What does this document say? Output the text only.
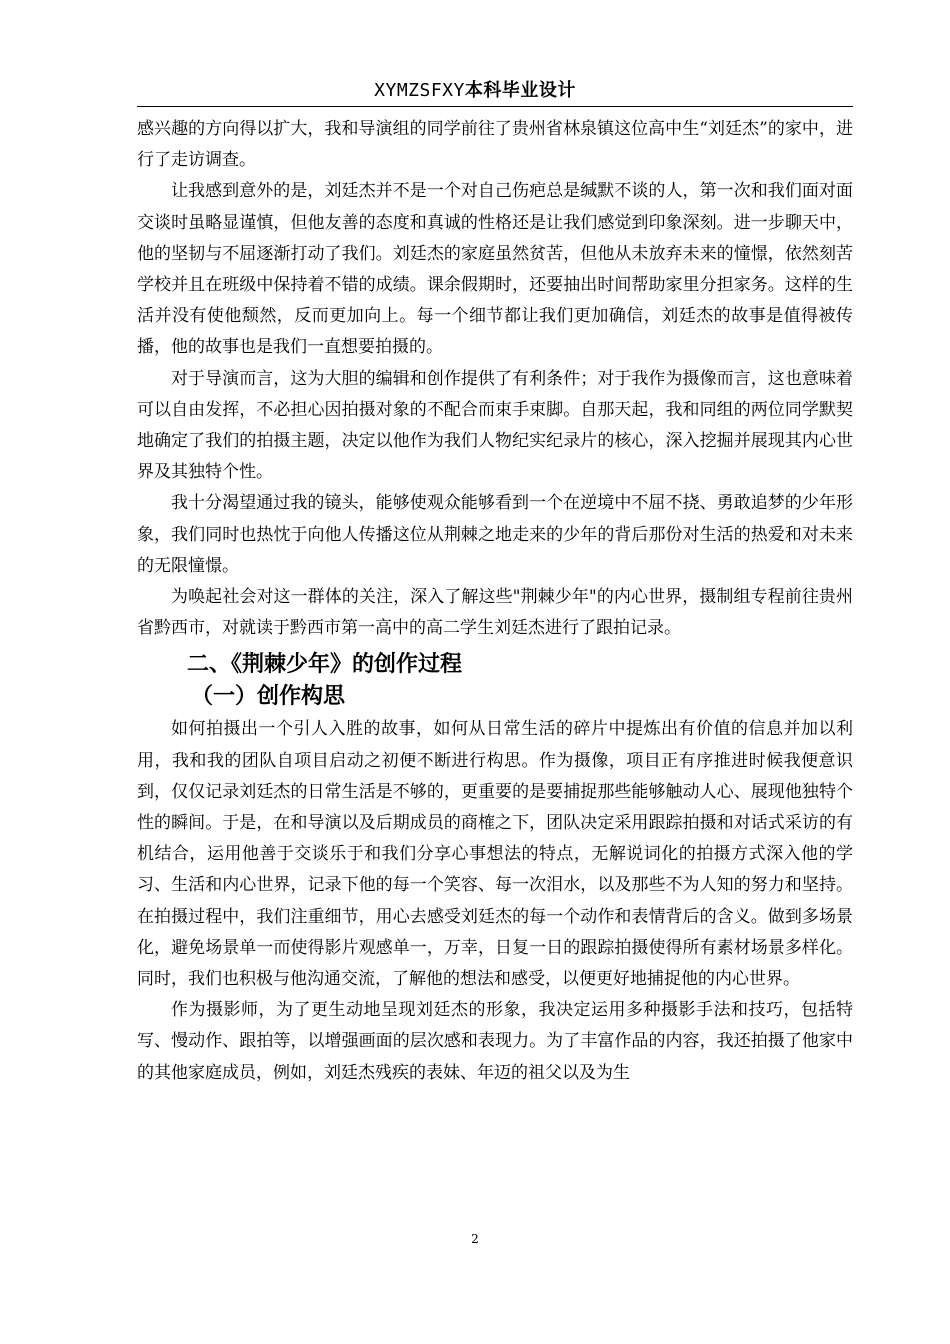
XYMZSFXY本科毕业设计

感兴趣的方向得以扩大，我和导演组的同学前往了贵州省林泉镇这位高中生“刘廷杰”的家中，进行了走访调查。

让我感到意外的是，刘廷杰并不是一个对自己伤疤总是缄默不谈的人，第一次和我们面对面交谈时虽略显谨慎，但他友善的态度和真诚的性格还是让我们感觉到印象深刻。进一步聊天中，他的坚韧与不屈逐渐打动了我们。刘廷杰的家庭虽然贫苦，但他从未放弃未来的憧憬，依然刻苦学校并且在班级中保持着不错的成绩。课余假期时，还要抽出时间帮助家里分担家务。这样的生活并没有使他颓然，反而更加向上。每一个细节都让我们更加确信，刘廷杰的故事是值得被传播，他的故事也是我们一直想要拍摄的。

对于导演而言，这为大胆的编辑和创作提供了有利条件；对于我作为摄像而言，这也意味着可以自由发挥，不必担心因拍摄对象的不配合而束手束脚。自那天起，我和同组的两位同学默契地确定了我们的拍摄主题，决定以他作为我们人物纪实纪录片的核心，深入挖掘并展现其内心世界及其独特个性。

我十分渴望通过我的镜头，能够使观众能够看到一个在逆境中不屈不挠、勇敢追梦的少年形象，我们同时也热忱于向他人传播这位从荆棘之地走来的少年的背后那份对生活的热爱和对未来的无限憧憬。

为唤起社会对这一群体的关注，深入了解这些"荆棘少年"的内心世界，摄制组专程前往贵州省黔西市，对就读于黔西市第一高中的高二学生刘廷杰进行了跟拍记录。

二、《荆棘少年》的创作过程
（一）创作构思

如何拍摄出一个引人入胜的故事，如何从日常生活的碎片中提炼出有价值的信息并加以利用，我和我的团队自项目启动之初便不断进行构思。作为摄像，项目正有序推进时候我便意识到，仅仅记录刘廷杰的日常生活是不够的，更重要的是要捕捉那些能够触动人心、展现他独特个性的瞬间。于是，在和导演以及后期成员的商榷之下，团队决定采用跟踪拍摄和对话式采访的有机结合，运用他善于交谈乐于和我们分享心事想法的特点，无解说词化的拍摄方式深入他的学习、生活和内心世界，记录下他的每一个笑容、每一次泪水，以及那些不为人知的努力和坚持。在拍摄过程中，我们注重细节，用心去感受刘廷杰的每一个动作和表情背后的含义。做到多场景化，避免场景单一而使得影片观感单一，万幸，日复一日的跟踪拍摄使得所有素材场景多样化。同时，我们也积极与他沟通交流，了解他的想法和感受，以便更好地捕捉他的内心世界。

作为摄影师，为了更生动地呈现刘廷杰的形象，我决定运用多种摄影手法和技巧，包括特写、慢动作、跟拍等，以增强画面的层次感和表现力。为了丰富作品的内容，我还拍摄了他家中的其他家庭成员，例如，刘廷杰残疾的表妹、年迈的祖父以及为生

2
